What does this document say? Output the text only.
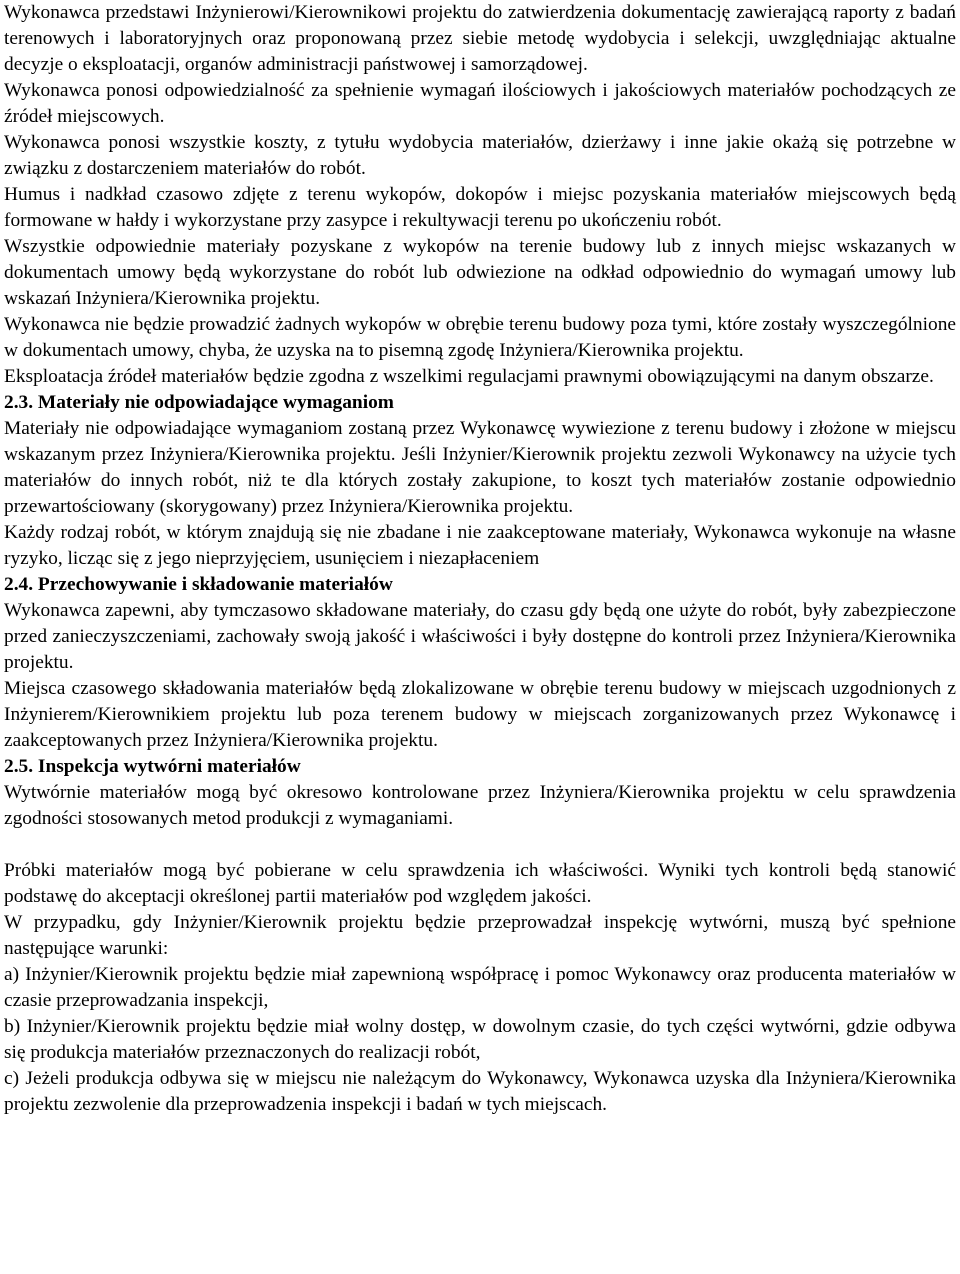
Wykonawca przedstawi Inżynierowi/Kierownikowi projektu do zatwierdzenia dokumentację zawierającą raporty z badań terenowych i laboratoryjnych oraz proponowaną przez siebie metodę wydobycia i selekcji, uwzględniając aktualne decyzje o eksploatacji, organów administracji państwowej i samorządowej.

Wykonawca ponosi odpowiedzialność za spełnienie wymagań ilościowych i jakościowych materiałów pochodzących ze źródeł miejscowych.

Wykonawca ponosi wszystkie koszty, z tytułu wydobycia materiałów, dzierżawy i inne jakie okażą się potrzebne w związku z dostarczeniem materiałów do robót.

Humus i nadkład czasowo zdjęte z terenu wykopów, dokopów i miejsc pozyskania materiałów miejscowych będą formowane w hałdy i wykorzystane przy zasypce i rekultywacji terenu po ukończeniu robót.

Wszystkie odpowiednie materiały pozyskane z wykopów na terenie budowy lub z innych miejsc wskazanych w dokumentach umowy będą wykorzystane do robót lub odwiezione na odkład odpowiednio do wymagań umowy lub wskazań Inżyniera/Kierownika projektu.

Wykonawca nie będzie prowadzić żadnych wykopów w obrębie terenu budowy poza tymi, które zostały wyszczególnione w dokumentach umowy, chyba, że uzyska na to pisemną zgodę Inżyniera/Kierownika projektu.

Eksploatacja źródeł materiałów będzie zgodna z wszelkimi regulacjami prawnymi obowiązującymi na danym obszarze.

2.3. Materiały nie odpowiadające wymaganiom

Materiały nie odpowiadające wymaganiom zostaną przez Wykonawcę wywiezione z terenu budowy i złożone w miejscu wskazanym przez Inżyniera/Kierownika projektu. Jeśli Inżynier/Kierownik projektu zezwoli Wykonawcy na użycie tych materiałów do innych robót, niż te dla których zostały zakupione, to koszt tych materiałów zostanie odpowiednio przewartościowany (skorygowany) przez Inżyniera/Kierownika projektu.

Każdy rodzaj robót, w którym znajdują się nie zbadane i nie zaakceptowane materiały, Wykonawca wykonuje na własne ryzyko, licząc się z jego nieprzyjęciem, usunięciem i niezapłaceniem

2.4. Przechowywanie i składowanie materiałów

Wykonawca zapewni, aby tymczasowo składowane materiały, do czasu gdy będą one użyte do robót, były zabezpieczone przed zanieczyszczeniami, zachowały swoją jakość i właściwości i były dostępne do kontroli przez Inżyniera/Kierownika projektu.

Miejsca czasowego składowania materiałów będą zlokalizowane w obrębie terenu budowy w miejscach uzgodnionych z Inżynierem/Kierownikiem projektu lub poza terenem budowy w miejscach zorganizowanych przez Wykonawcę i zaakceptowanych przez Inżyniera/Kierownika projektu.

2.5. Inspekcja wytwórni materiałów

Wytwórnie materiałów mogą być okresowo kontrolowane przez Inżyniera/Kierownika projektu w celu sprawdzenia zgodności stosowanych metod produkcji z wymaganiami.

Próbki materiałów mogą być pobierane w celu sprawdzenia ich właściwości. Wyniki tych kontroli będą stanowić podstawę do akceptacji określonej partii materiałów pod względem jakości.

W przypadku, gdy Inżynier/Kierownik projektu będzie przeprowadzał inspekcję wytwórni, muszą być spełnione następujące warunki:

a) Inżynier/Kierownik projektu będzie miał zapewnioną współpracę i pomoc Wykonawcy oraz producenta materiałów w czasie przeprowadzania inspekcji,

b) Inżynier/Kierownik projektu będzie miał wolny dostęp, w dowolnym czasie, do tych części wytwórni, gdzie odbywa się produkcja materiałów przeznaczonych do realizacji robót,

c) Jeżeli produkcja odbywa się w miejscu nie należącym do Wykonawcy, Wykonawca uzyska dla Inżyniera/Kierownika projektu zezwolenie dla przeprowadzenia inspekcji i badań w tych miejscach.
